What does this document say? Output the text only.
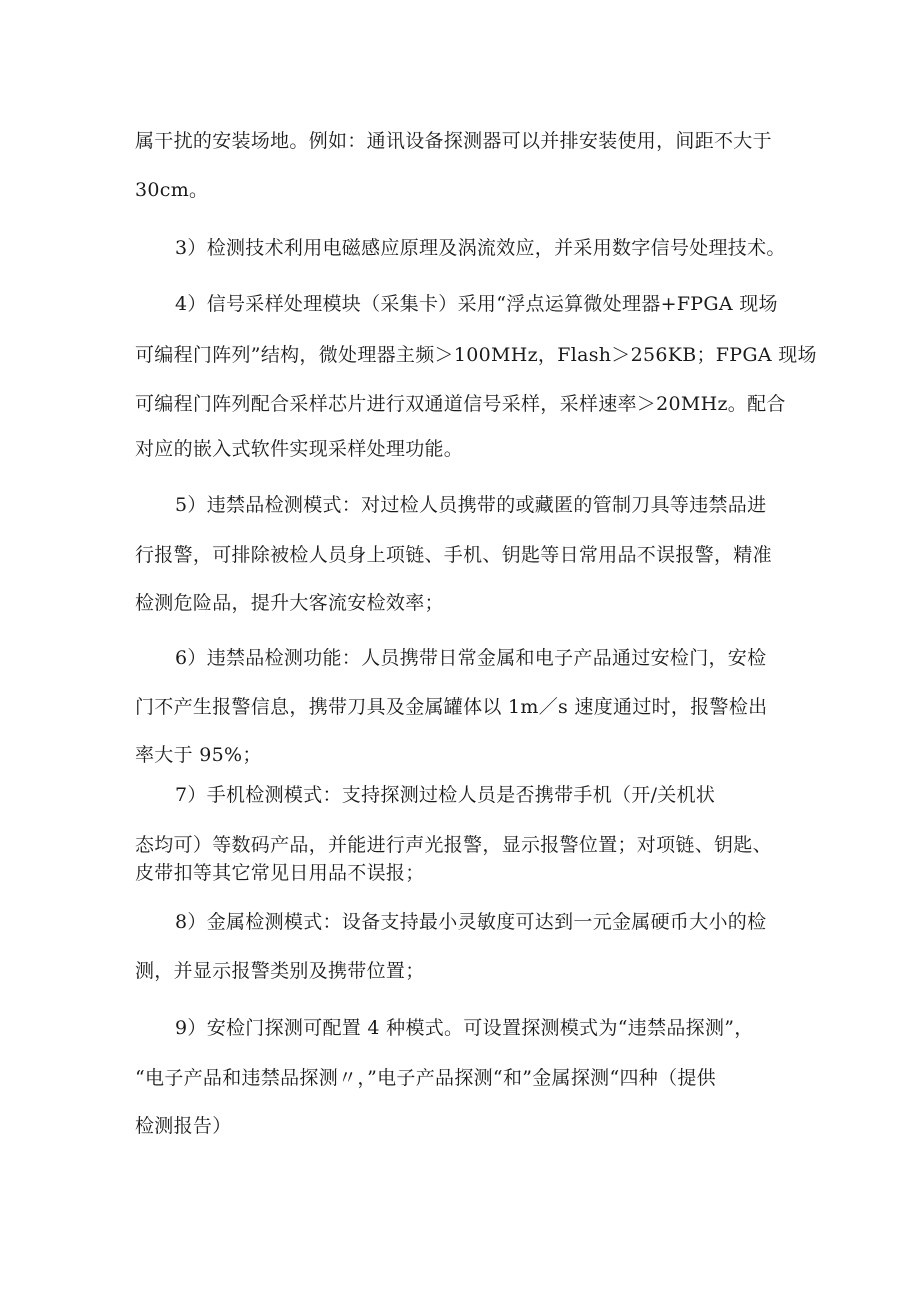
属干扰的安装场地。例如：通讯设备探测器可以并排安装使用，间距不大于
30cm。
3）检测技术利用电磁感应原理及涡流效应，并采用数字信号处理技术。
4）信号采样处理模块（采集卡）采用“浮点运算微处理器+FPGA 现场
可编程门阵列”结构，微处理器主频＞100MHz，Flash＞256KB；FPGA 现场
可编程门阵列配合采样芯片进行双通道信号采样，采样速率＞20MHz。配合
对应的嵌入式软件实现采样处理功能。
5）违禁品检测模式：对过检人员携带的或藏匿的管制刀具等违禁品进
行报警，可排除被检人员身上项链、手机、钥匙等日常用品不误报警，精准
检测危险品，提升大客流安检效率；
6）违禁品检测功能：人员携带日常金属和电子产品通过安检门，安检
门不产生报警信息，携带刀具及金属罐体以 1m／s 速度通过时，报警检出
率大于 95%；
7）手机检测模式：支持探测过检人员是否携带手机（开/关机状
态均可）等数码产品，并能进行声光报警，显示报警位置；对项链、钥匙、
皮带扣等其它常见日用品不误报；
8）金属检测模式：设备支持最小灵敏度可达到一元金属硬币大小的检
测，并显示报警类别及携带位置；
9）安检门探测可配置 4 种模式。可设置探测模式为“违禁品探测”，
“电子产品和违禁品探测〃，”电子产品探测“和”金属探测“四种（提供
检测报告）
